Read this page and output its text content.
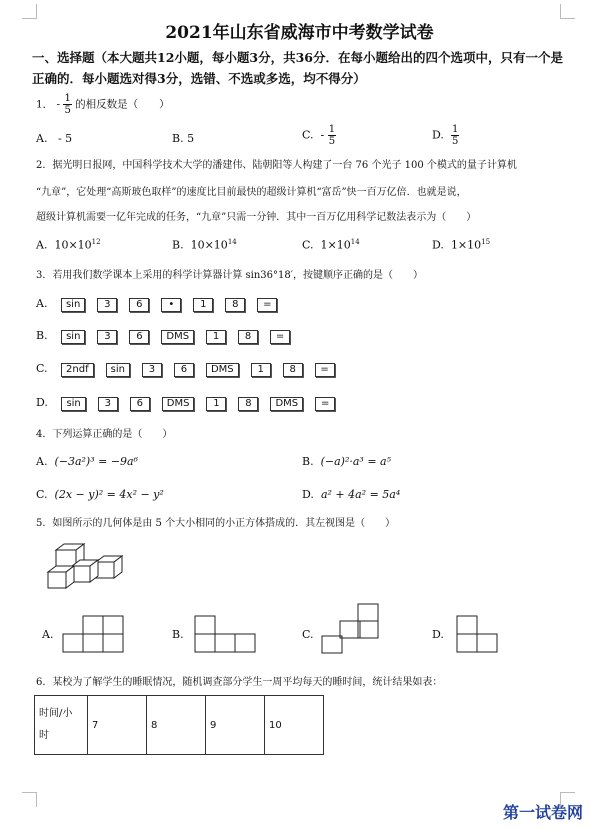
2021年山东省威海市中考数学试卷
一、选择题（本大题共12小题，每小题3分，共36分．在每小题给出的四个选项中，只有一个是正确的．每小题选对得3分，选错、不选或多选，均不得分）
1． - $\frac{1}{5}$ 的相反数是（　　）
A. - 5	B. 5	C. - $\frac{1}{5}$	D. $\frac{1}{5}$
2．据光明日报网，中国科学技术大学的潘建伟、陆朝阳等人构建了一台 76 个光子 100 个模式的量子计算机
“九章”，它处理“高斯玻色取样”的速度比目前最快的超级计算机“富岳”快一百万亿倍．也就是说，
超级计算机需要一亿年完成的任务，“九章”只需一分钟．其中一百万亿用科学记数法表示为（　　）
A. $10\times 10^{12}$	B. $10\times 10^{14}$	C. $1\times 10^{14}$	D. $1\times 10^{15}$
3．若用我们数学课本上采用的科学计算器计算 sin36°18′，按键顺序正确的是（　　）
A. sin 3	6	•	1	8 =
B. sin 3	6 DMS 1	8 =
C. 2ndf sin 3	6 DMS 1	8 =
D. sin 3	6 DMS 1	8 DMS =
4．下列运算正确的是（　　）
A. (−3a²)³ = −9a⁶	B. (−a)²·a³ = a⁵
C. (2x − y)² = 4x² − y²	D. a² + 4a² = 5a⁴
5．如图所示的几何体是由 5 个大小相同的小正方体搭成的．其左视图是（　　）
A.	B.	C.	D.
6．某校为了解学生的睡眠情况，随机调查部分学生一周平均每天的睡时间，统计结果如表：
时间/小
时	7	8	9	10
第一试卷网
